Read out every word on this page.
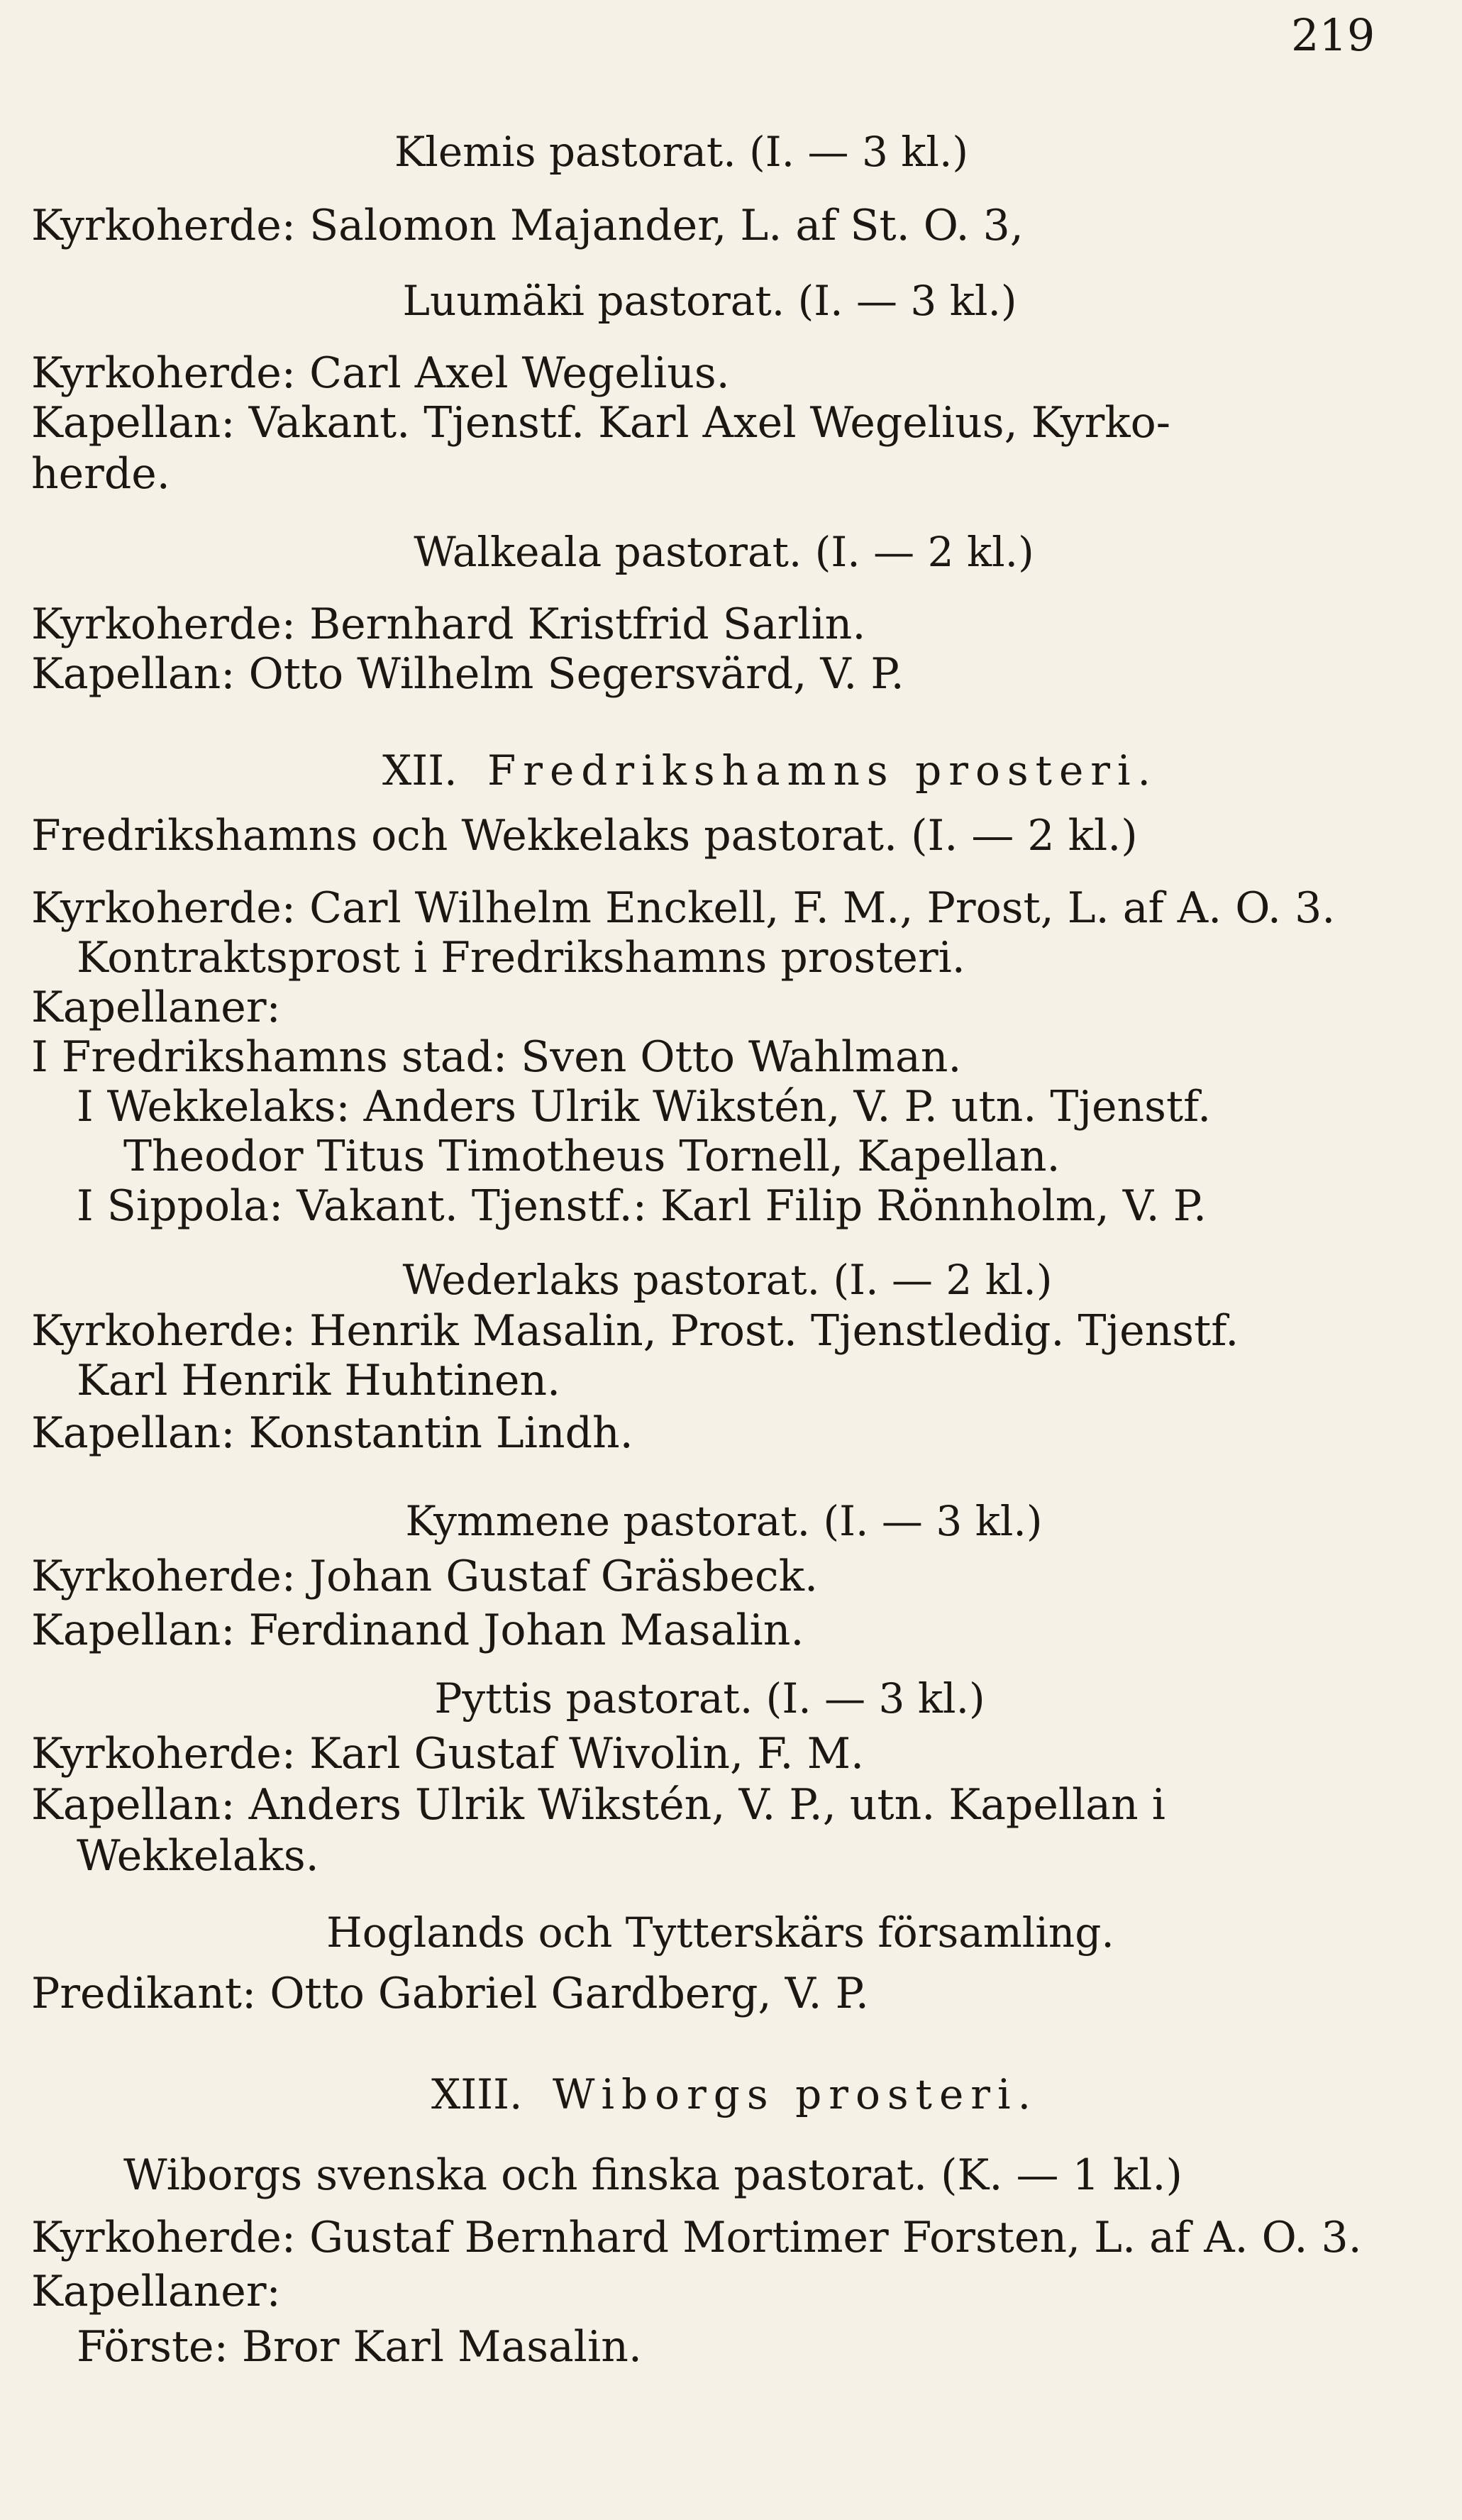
219

Klemis pastorat. (I. — 3 kl.)

Kyrkoherde: Salomon Majander, L. af St. O. 3,

Luumäki pastorat. (I. — 3 kl.)

Kyrkoherde: Carl Axel Wegelius.

Kapellan: Vakant. Tjenstf. Karl Axel Wegelius, Kyrko-

herde.

Walkeala pastorat. (I. — 2 kl.)

Kyrkoherde: Bernhard Kristfrid Sarlin.

Kapellan: Otto Wilhelm Segersvärd, V. P.

XII. Fredrikshamns prosteri.

Fredrikshamns och Wekkelaks pastorat. (I. — 2 kl.)

Kyrkoherde: Carl Wilhelm Enckell, F. M., Prost, L. af A. O. 3.

Kontraktsprost i Fredrikshamns prosteri.

Kapellaner:

I Fredrikshamns stad: Sven Otto Wahlman.

I Wekkelaks: Anders Ulrik Wikstén, V. P. utn. Tjenstf.

Theodor Titus Timotheus Tornell, Kapellan.

I Sippola: Vakant. Tjenstf.: Karl Filip Rönnholm, V. P.

Wederlaks pastorat. (I. — 2 kl.)

Kyrkoherde: Henrik Masalin, Prost. Tjenstledig. Tjenstf.

Karl Henrik Huhtinen.

Kapellan: Konstantin Lindh.

Kymmene pastorat. (I. — 3 kl.)

Kyrkoherde: Johan Gustaf Gräsbeck.

Kapellan: Ferdinand Johan Masalin.

Pyttis pastorat. (I. — 3 kl.)

Kyrkoherde: Karl Gustaf Wivolin, F. M.

Kapellan: Anders Ulrik Wikstén, V. P., utn. Kapellan i

Wekkelaks.

Hoglands och Tytterskärs församling.

Predikant: Otto Gabriel Gardberg, V. P.

XIII. Wiborgs prosteri.

Wiborgs svenska och finska pastorat. (K. — 1 kl.)

Kyrkoherde: Gustaf Bernhard Mortimer Forsten, L. af A. O. 3.

Kapellaner:

Förste: Bror Karl Masalin.
